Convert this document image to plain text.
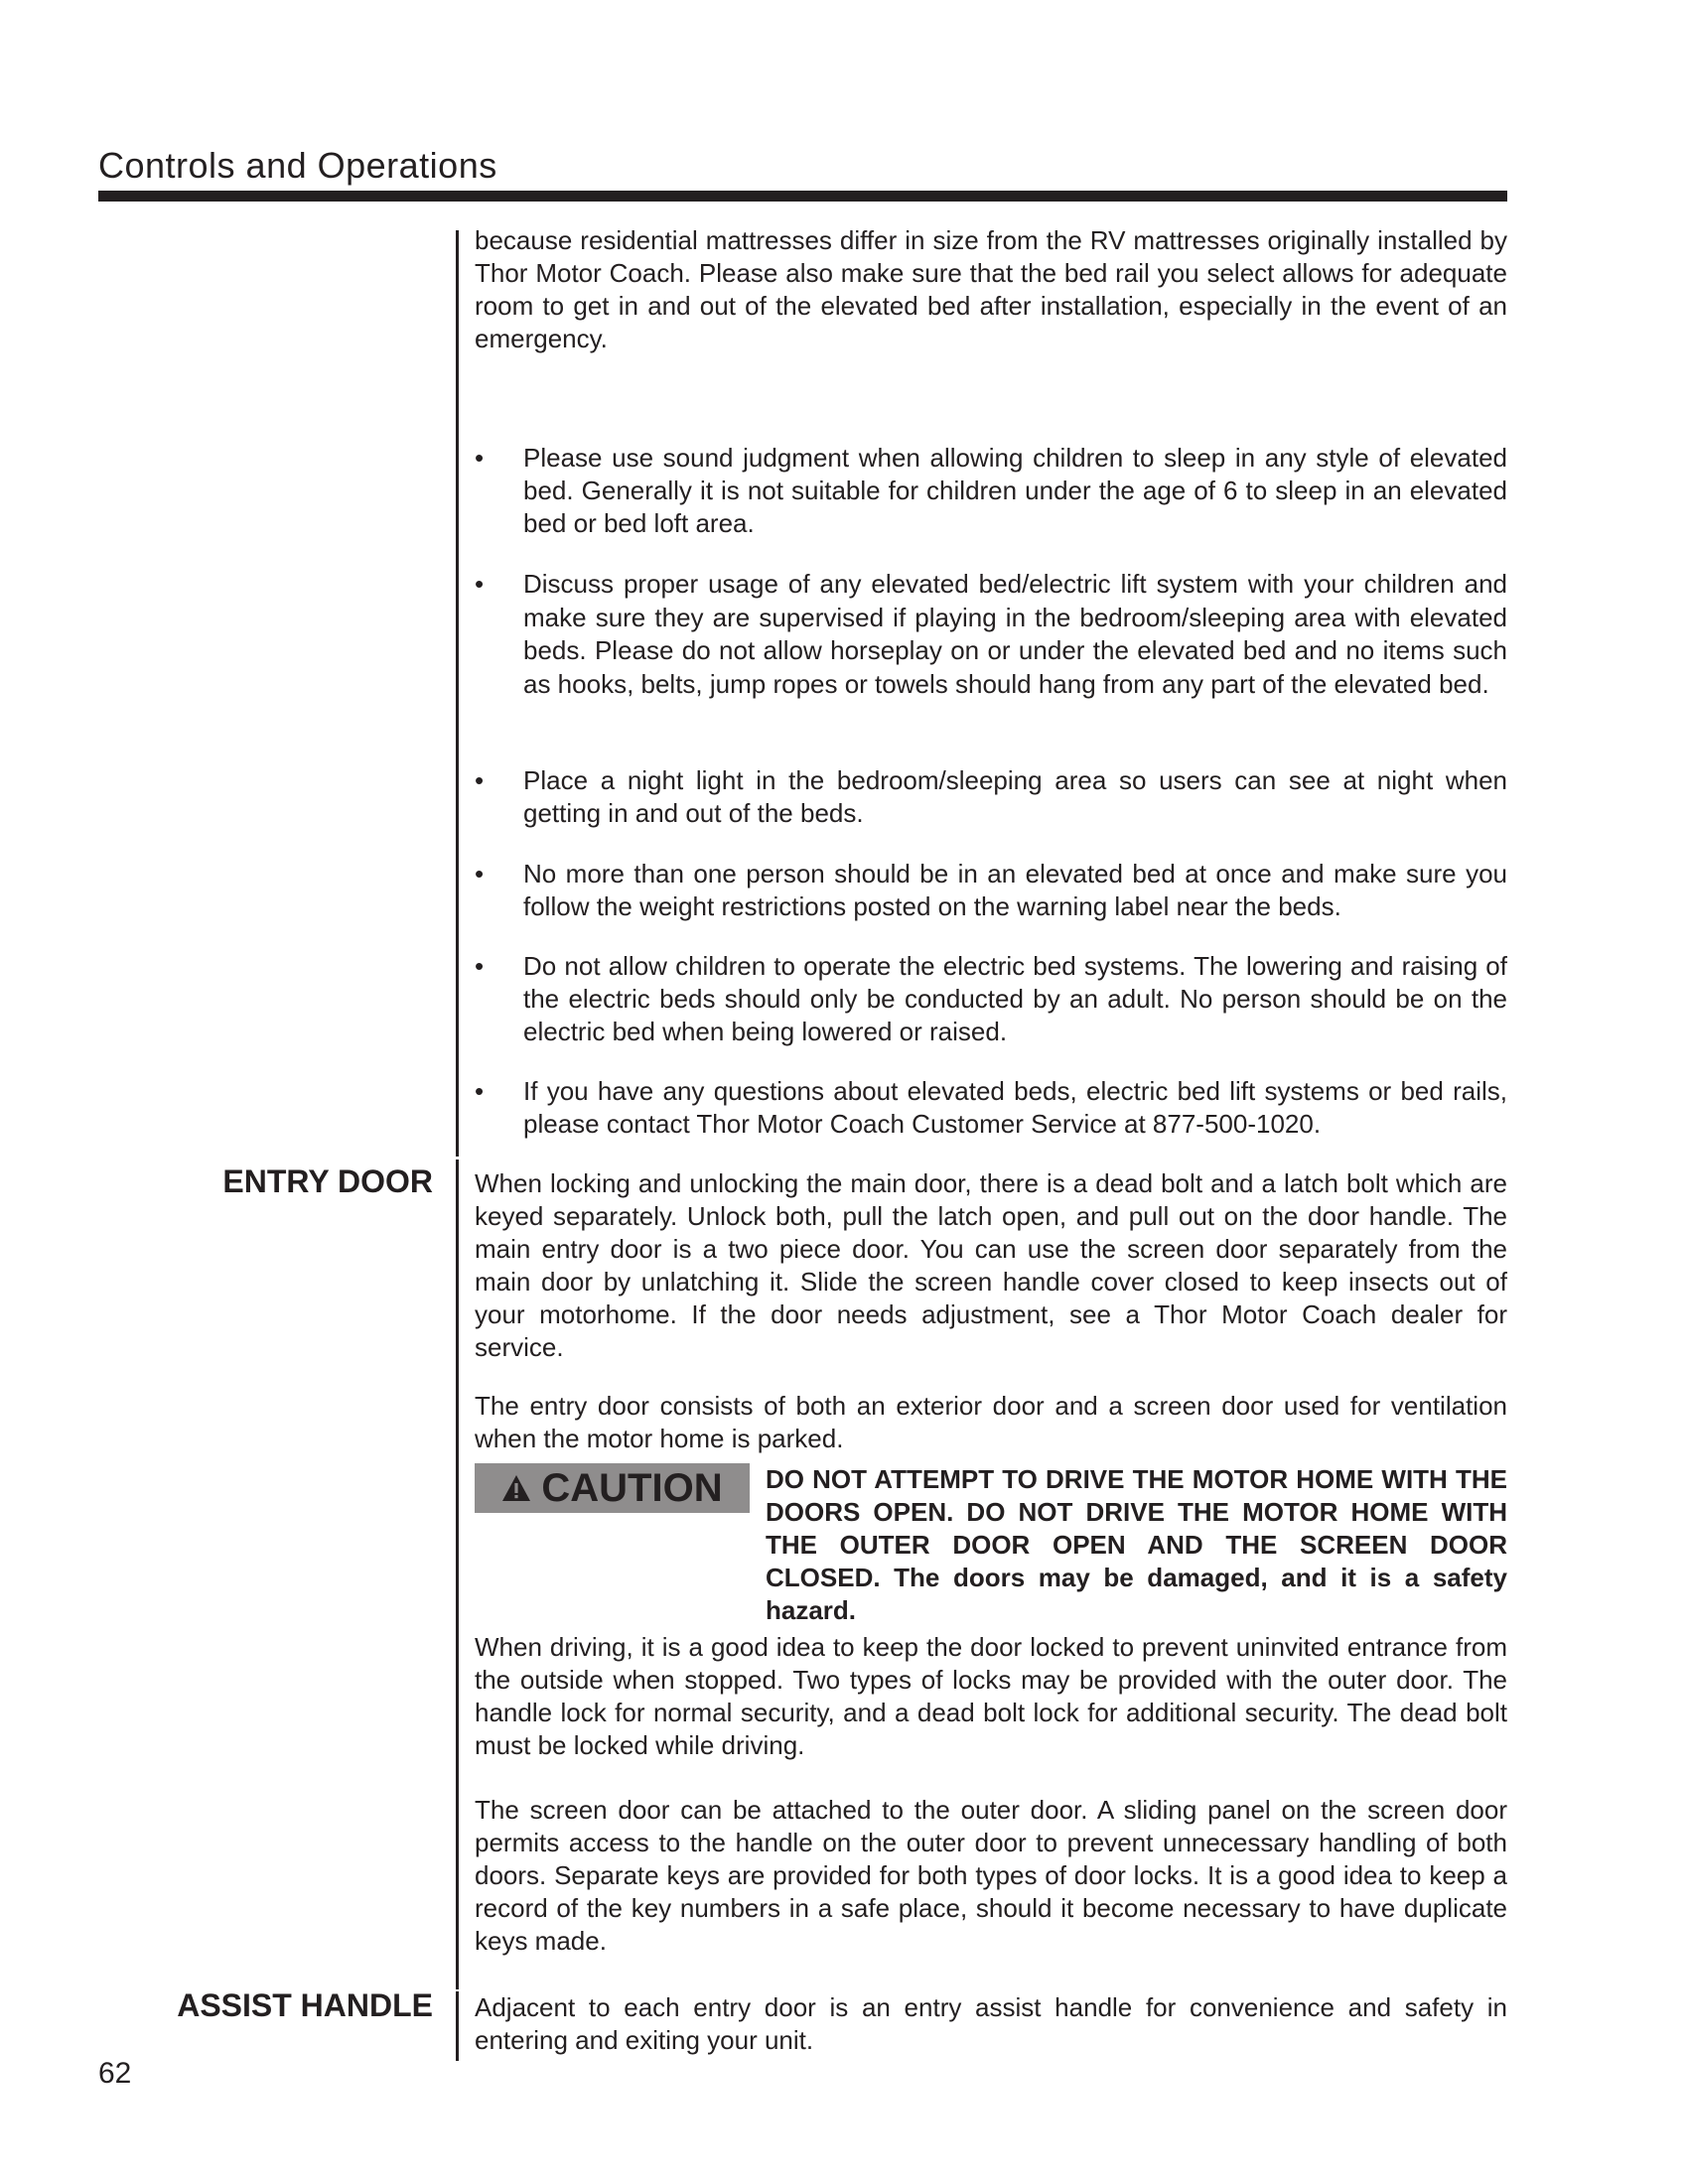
Controls and Operations
because residential mattresses differ in size from the RV mattresses originally installed by Thor Motor Coach. Please also make sure that the bed rail you select allows for adequate room to get in and out of the elevated bed after installation, especially in the event of an emergency.
• Please use sound judgment when allowing children to sleep in any style of elevated bed. Generally it is not suitable for children under the age of 6 to sleep in an elevated bed or bed loft area.
• Discuss proper usage of any elevated bed/electric lift system with your children and make sure they are supervised if playing in the bedroom/sleeping area with elevated beds. Please do not allow horseplay on or under the elevated bed and no items such as hooks, belts, jump ropes or towels should hang from any part of the elevated bed.
• Place a night light in the bedroom/sleeping area so users can see at night when getting in and out of the beds.
• No more than one person should be in an elevated bed at once and make sure you follow the weight restrictions posted on the warning label near the beds.
• Do not allow children to operate the electric bed systems. The lowering and raising of the electric beds should only be conducted by an adult. No person should be on the electric bed when being lowered or raised.
• If you have any questions about elevated beds, electric bed lift systems or bed rails, please contact Thor Motor Coach Customer Service at 877-500-1020.
ENTRY DOOR When locking and unlocking the main door, there is a dead bolt and a latch bolt which are keyed separately. Unlock both, pull the latch open, and pull out on the door handle. The main entry door is a two piece door. You can use the screen door separately from the main door by unlatching it. Slide the screen handle cover closed to keep insects out of your motorhome. If the door needs adjustment, see a Thor Motor Coach dealer for service.
The entry door consists of both an exterior door and a screen door used for ventilation when the motor home is parked.
CAUTION DO NOT ATTEMPT TO DRIVE THE MOTOR HOME WITH THE DOORS OPEN. DO NOT DRIVE THE MOTOR HOME WITH THE OUTER DOOR OPEN AND THE SCREEN DOOR CLOSED. The doors may be damaged, and it is a safety hazard.
When driving, it is a good idea to keep the door locked to prevent uninvited entrance from the outside when stopped. Two types of locks may be provided with the outer door. The handle lock for normal security, and a dead bolt lock for additional security. The dead bolt must be locked while driving.
The screen door can be attached to the outer door. A sliding panel on the screen door permits access to the handle on the outer door to prevent unnecessary handling of both doors. Separate keys are provided for both types of door locks. It is a good idea to keep a record of the key numbers in a safe place, should it become necessary to have duplicate keys made.
ASSIST HANDLE Adjacent to each entry door is an entry assist handle for convenience and safety in entering and exiting your unit.
62
